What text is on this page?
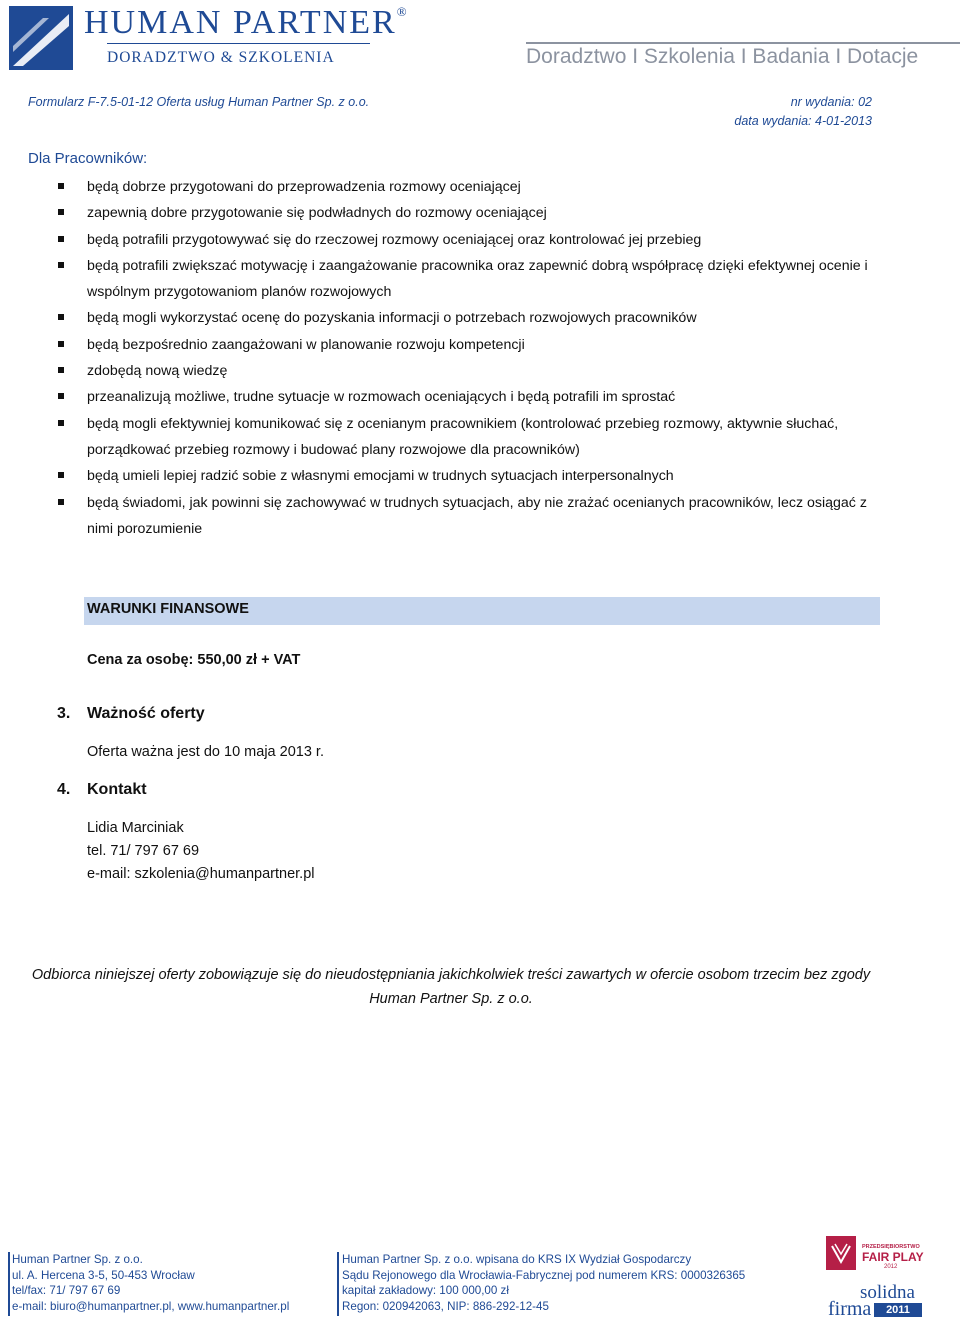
HUMAN PARTNER®
DORADZTWO & SZKOLENIA	Doradztwo I Szkolenia I Badania I Dotacje
Formularz F-7.5-01-12 Oferta usług Human Partner Sp. z o.o.	nr wydania: 02
data wydania: 4-01-2013
Dla Pracowników:
będą dobrze przygotowani do przeprowadzenia rozmowy oceniającej
zapewnią dobre przygotowanie się podwładnych do rozmowy oceniającej
będą potrafili przygotowywać się do rzeczowej rozmowy oceniającej oraz kontrolować jej przebieg
będą potrafili zwiększać motywację i zaangażowanie pracownika oraz zapewnić dobrą współpracę dzięki efektywnej ocenie i wspólnym przygotowaniom planów rozwojowych
będą mogli wykorzystać ocenę do pozyskania informacji o potrzebach rozwojowych pracowników
będą bezpośrednio zaangażowani w planowanie rozwoju kompetencji
zdobędą nową wiedzę
przeanalizują możliwe, trudne sytuacje w rozmowach oceniających i będą potrafili im sprostać
będą mogli efektywniej komunikować się z ocenianym pracownikiem (kontrolować przebieg rozmowy, aktywnie słuchać, porządkować przebieg rozmowy i budować plany rozwojowe dla pracowników)
będą umieli lepiej radzić sobie z własnymi emocjami w trudnych sytuacjach interpersonalnych
będą świadomi, jak powinni się zachowywać w trudnych sytuacjach, aby nie zrażać ocenianych pracowników, lecz osiągać z nimi porozumienie
WARUNKI FINANSOWE
Cena za osobę: 550,00 zł + VAT
3. Ważność oferty
Oferta ważna jest do 10 maja 2013 r.
4. Kontakt
Lidia Marciniak
tel. 71/ 797 67 69
e-mail: szkolenia@humanpartner.pl
Odbiorca niniejszej oferty zobowiązuje się do nieudostępniania jakichkolwiek treści zawartych w ofercie osobom trzecim bez zgody Human Partner Sp. z o.o.
Human Partner Sp. z o.o.
ul. A. Hercena 3-5, 50-453 Wrocław
tel/fax: 71/ 797 67 69
e-mail: biuro@humanpartner.pl, www.humanpartner.pl
Human Partner Sp. z o.o. wpisana do KRS IX Wydział Gospodarczy
Sądu Rejonowego dla Wrocławia-Fabrycznej pod numerem KRS: 0000326365
kapitał zakładowy: 100 000,00 zł
Regon: 020942063, NIP: 886-292-12-45
PRZEDSIĘBIORSTWO
FAIR PLAY
2012
solidna
firma	2011
